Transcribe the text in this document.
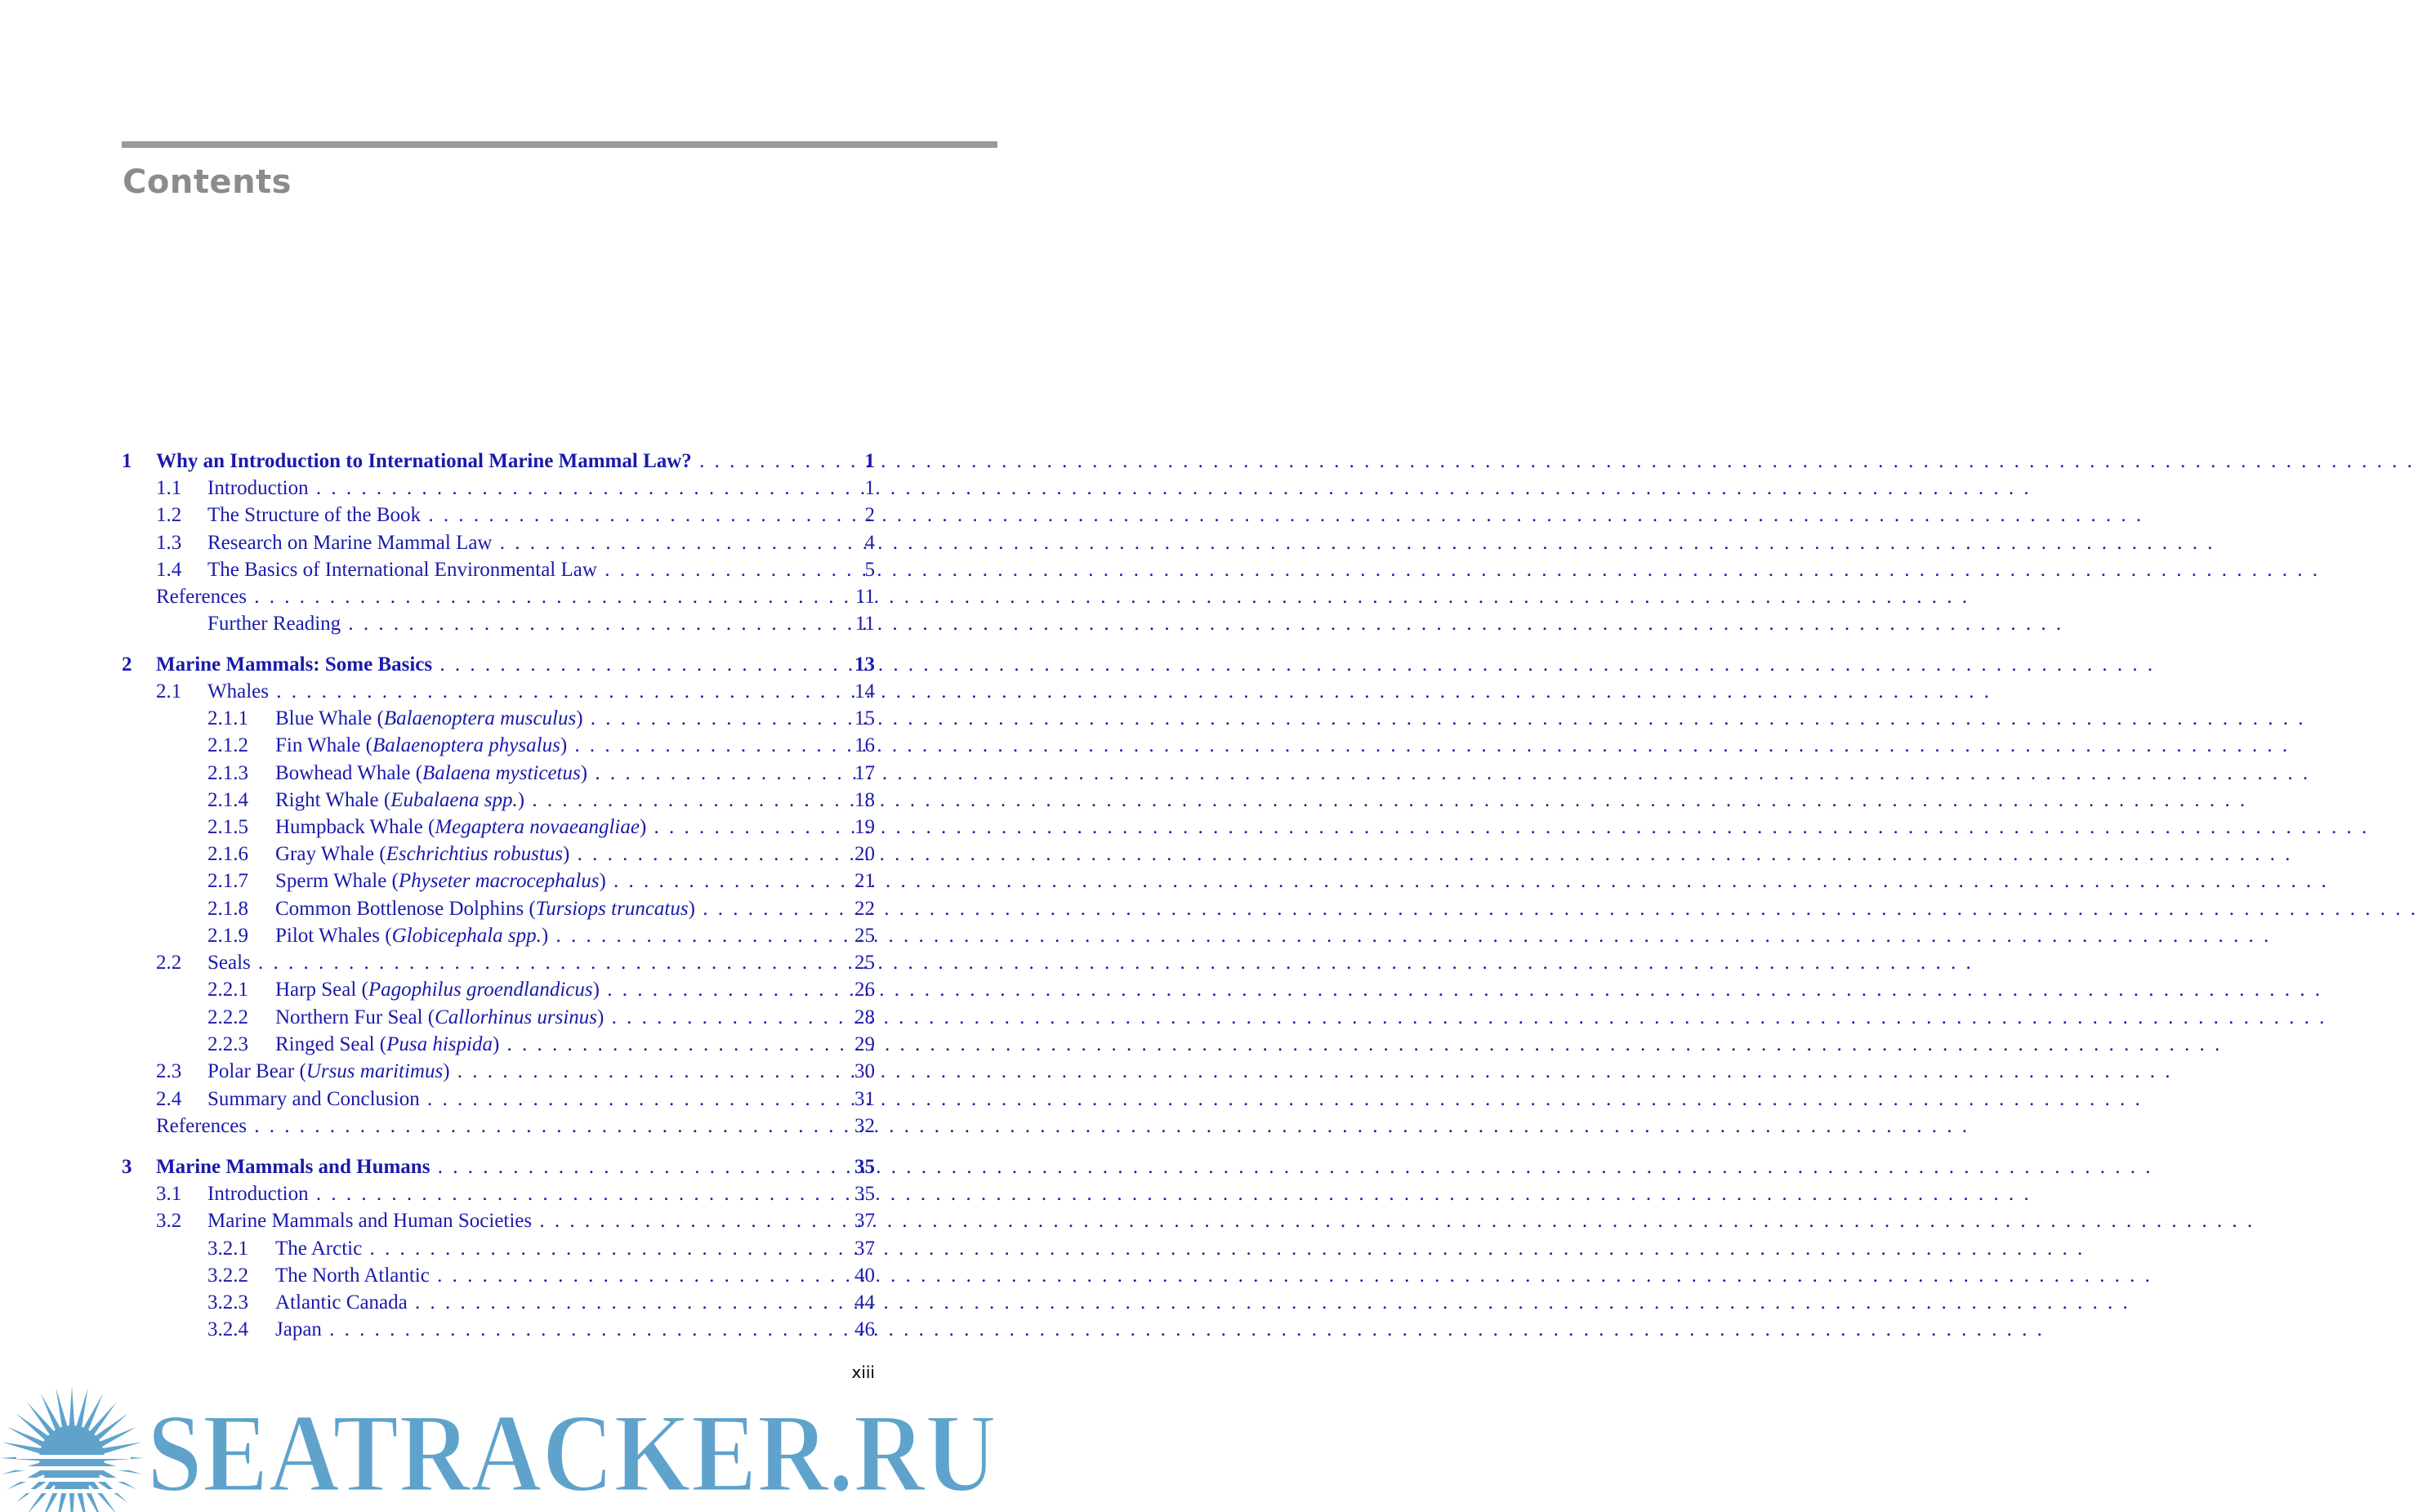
Contents
1 Why an Introduction to International Marine Mammal Law? . . .	1
1.1 Introduction . . .	1
1.2 The Structure of the Book . . .	2
1.3 Research on Marine Mammal Law . . .	4
1.4 The Basics of International Environmental Law . . .	5
References . . .	11
Further Reading . . .	11
2 Marine Mammals: Some Basics . . .	13
2.1 Whales . . .	14
2.1.1 Blue Whale (Balaenoptera musculus) . . .	15
2.1.2 Fin Whale (Balaenoptera physalus) . . .	16
2.1.3 Bowhead Whale (Balaena mysticetus) . . .	17
2.1.4 Right Whale (Eubalaena spp.) . . .	18
2.1.5 Humpback Whale (Megaptera novaeangliae) . . .	19
2.1.6 Gray Whale (Eschrichtius robustus) . . .	20
2.1.7 Sperm Whale (Physeter macrocephalus) . . .	21
2.1.8 Common Bottlenose Dolphins (Tursiops truncatus) . . .	22
2.1.9 Pilot Whales (Globicephala spp.) . . .	25
2.2 Seals . . .	25
2.2.1 Harp Seal (Pagophilus groendlandicus) . . .	26
2.2.2 Northern Fur Seal (Callorhinus ursinus) . . .	28
2.2.3 Ringed Seal (Pusa hispida) . . .	29
2.3 Polar Bear (Ursus maritimus) . . .	30
2.4 Summary and Conclusion . . .	31
References . . .	32
3 Marine Mammals and Humans . . .	35
3.1 Introduction . . .	35
3.2 Marine Mammals and Human Societies . . .	37
3.2.1 The Arctic . . .	37
3.2.2 The North Atlantic . . .	40
3.2.3 Atlantic Canada . . .	44
3.2.4 Japan . . .	46
xiii
SEATRACKER.RU
